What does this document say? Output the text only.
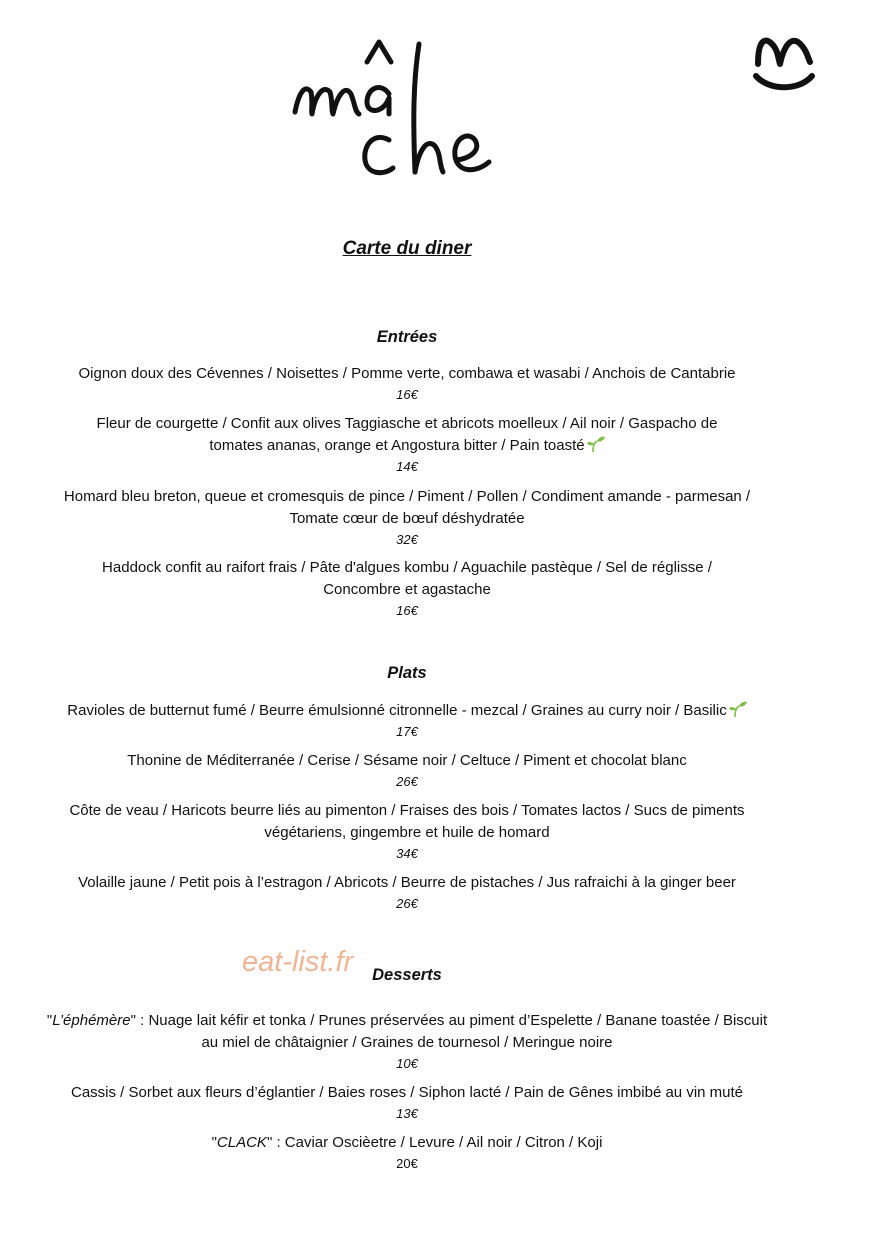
Carte du diner
Entrées
Oignon doux des Cévennes / Noisettes / Pomme verte, combawa et wasabi / Anchois de Cantabrie
16€
Fleur de courgette / Confit aux olives Taggiasche et abricots moelleux / Ail noir / Gaspacho de
tomates ananas, orange et Angostura bitter / Pain toasté
14€
Homard bleu breton, queue et cromesquis de pince / Piment / Pollen / Condiment amande - parmesan /
Tomate cœur de bœuf déshydratée
32€
Haddock confit au raifort frais / Pâte d'algues kombu / Aguachile pastèque / Sel de réglisse /
Concombre et agastache
16€
Plats
Ravioles de butternut fumé / Beurre émulsionné citronnelle - mezcal / Graines au curry noir / Basilic
17€
Thonine de Méditerranée / Cerise / Sésame noir / Celtuce / Piment et chocolat blanc
26€
Côte de veau / Haricots beurre liés au pimenton / Fraises des bois / Tomates lactos / Sucs de piments
végétariens, gingembre et huile de homard
34€
Volaille jaune / Petit pois à l’estragon / Abricots / Beurre de pistaches / Jus rafraichi à la ginger beer
26€
eat-list.fr	Desserts
"L’éphémère" : Nuage lait kéfir et tonka / Prunes préservées au piment d’Espelette / Banane toastée / Biscuit
au miel de châtaignier / Graines de tournesol / Meringue noire
10€
Cassis / Sorbet aux fleurs d’églantier / Baies roses / Siphon lacté / Pain de Gênes imbibé au vin muté
13€
"CLACK" : Caviar Oscièetre / Levure / Ail noir / Citron / Koji
20€
